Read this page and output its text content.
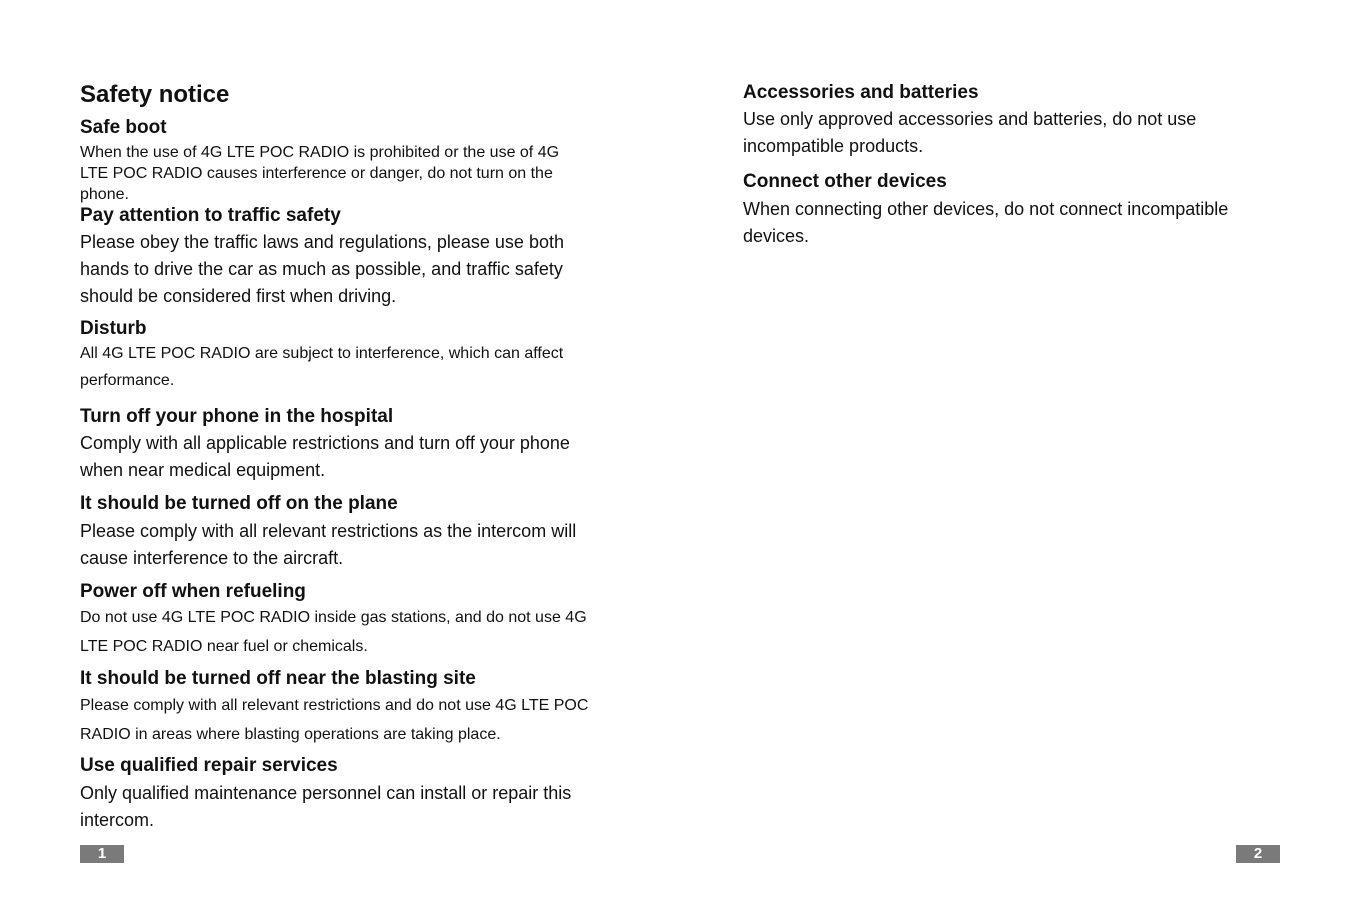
Safety notice
Safe boot

When the use of 4G LTE POC RADIO is prohibited or the use of 4G LTE POC RADIO causes interference or danger, do not turn on the phone.

Pay attention to traffic safety

Please obey the traffic laws and regulations, please use both hands to drive the car as much as possible, and traffic safety should be considered first when driving.

Disturb

All 4G LTE POC RADIO are subject to interference, which can affect performance.

Turn off your phone in the hospital

Comply with all applicable restrictions and turn off your phone when near medical equipment.

It should be turned off on the plane

Please comply with all relevant restrictions as the intercom will cause interference to the aircraft.

Power off when refueling

Do not use 4G LTE POC RADIO inside gas stations, and do not use 4G LTE POC RADIO near fuel or chemicals.

It should be turned off near the blasting site

Please comply with all relevant restrictions and do not use 4G LTE POC RADIO in areas where blasting operations are taking place.

Use qualified repair services

Only qualified maintenance personnel can install or repair this intercom.

1
Accessories and batteries

Use only approved accessories and batteries, do not use incompatible products.

Connect other devices

When connecting other devices, do not connect incompatible devices.

2
